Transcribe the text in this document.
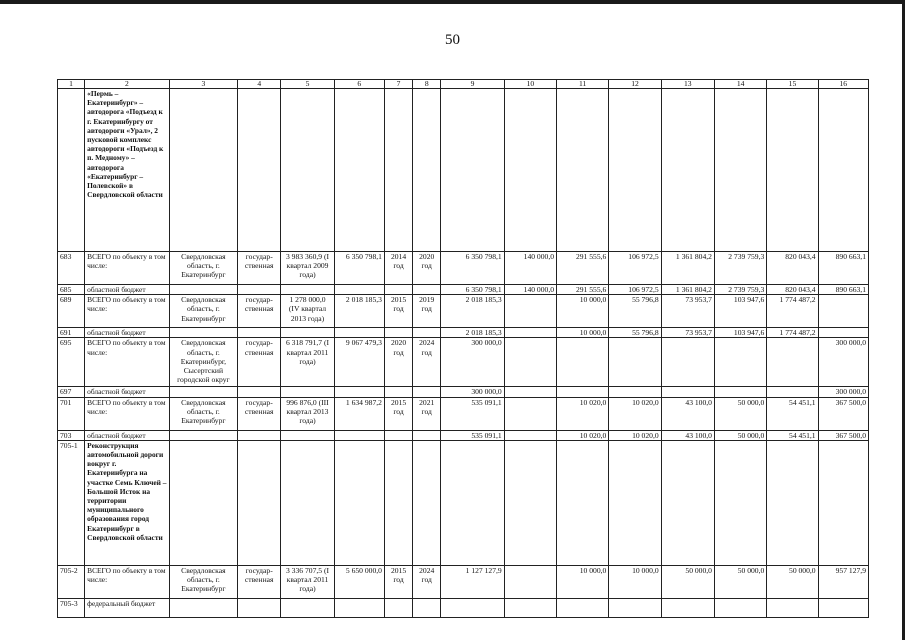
50
1	2	3	4	5	6	7	8	9	10	11	12	13	14	15	16
	«Пермь – Екатеринбург» – автодорога «Подъезд к г. Екатеринбургу от автодороги «Урал», 2 пусковой комплекс автодороги «Подъезд к п. Медному» – автодорога «Екатеринбург – Полевской» в Свердловской области														
683	ВСЕГО по объекту в том числе:	Свердловская область, г. Екатеринбург	государ-ственная	3 983 360,9 (I квартал 2009 года)	6 350 798,1	2014 год	2020 год	6 350 798,1	140 000,0	291 555,6	106 972,5	1 361 804,2	2 739 759,3	820 043,4	890 663,1
685	областной бюджет							6 350 798,1	140 000,0	291 555,6	106 972,5	1 361 804,2	2 739 759,3	820 043,4	890 663,1
689	ВСЕГО по объекту в том числе:	Свердловская область, г. Екатеринбург	государ-ственная	1 278 000,0 (IV квартал 2013 года)	2 018 185,3	2015 год	2019 год	2 018 185,3		10 000,0	55 796,8	73 953,7	103 947,6	1 774 487,2	
691	областной бюджет							2 018 185,3		10 000,0	55 796,8	73 953,7	103 947,6	1 774 487,2	
695	ВСЕГО по объекту в том числе:	Свердловская область, г. Екатеринбург, Сысертский городской округ	государ-ственная	6 318 791,7 (I квартал 2011 года)	9 067 479,3	2020 год	2024 год	300 000,0							300 000,0
697	областной бюджет							300 000,0							300 000,0
701	ВСЕГО по объекту в том числе:	Свердловская область, г. Екатеринбург	государ-ственная	996 876,0 (III квартал 2013 года)	1 634 987,2	2015 год	2021 год	535 091,1		10 020,0	10 020,0	43 100,0	50 000,0	54 451,1	367 500,0
703	областной бюджет							535 091,1		10 020,0	10 020,0	43 100,0	50 000,0	54 451,1	367 500,0
705-1	Реконструкция автомобильной дороги вокруг г. Екатеринбурга на участке Семь Ключей – Большой Исток на территории муниципального образования город Екатеринбург в Свердловской области														
705-2	ВСЕГО по объекту в том числе:	Свердловская область, г. Екатеринбург	государ-ственная	3 336 707,5 (I квартал 2011 года)	5 650 000,0	2015 год	2024 год	1 127 127,9		10 000,0	10 000,0	50 000,0	50 000,0	50 000,0	957 127,9
705-3	федеральный бюджет														
